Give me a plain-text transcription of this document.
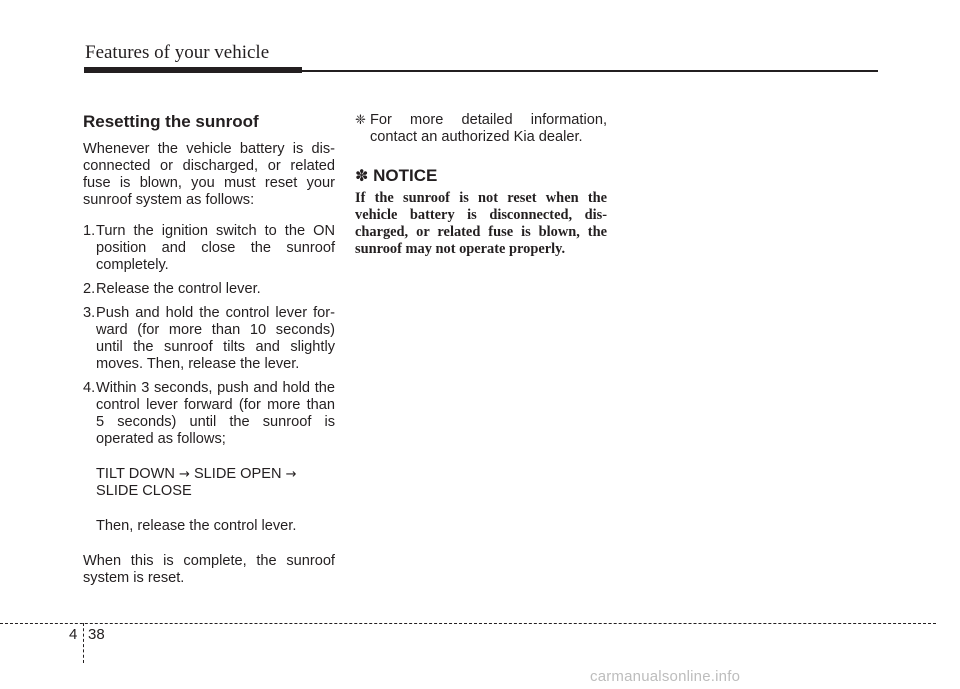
Features of your vehicle
Resetting the sunroof

Whenever the vehicle battery is dis-connected or discharged, or related fuse is blown, you must reset your sunroof system as follows:

1. Turn the ignition switch to the ON position and close the sunroof completely.
2. Release the control lever.
3. Push and hold the control lever for-ward (for more than 10 seconds) until the sunroof tilts and slightly moves. Then, release the lever.
4. Within 3 seconds, push and hold the control lever forward (for more than 5 seconds) until the sunroof is operated as follows;
TILT DOWN → SLIDE OPEN →
SLIDE CLOSE

Then, release the control lever.

When this is complete, the sunroof system is reset.

❈ For more detailed information, contact an authorized Kia dealer.
✽ NOTICE
If the sunroof is not reset when the vehicle battery is disconnected, dis-charged, or related fuse is blown, the sunroof may not operate properly.
4 38
carmanualsonline.info
